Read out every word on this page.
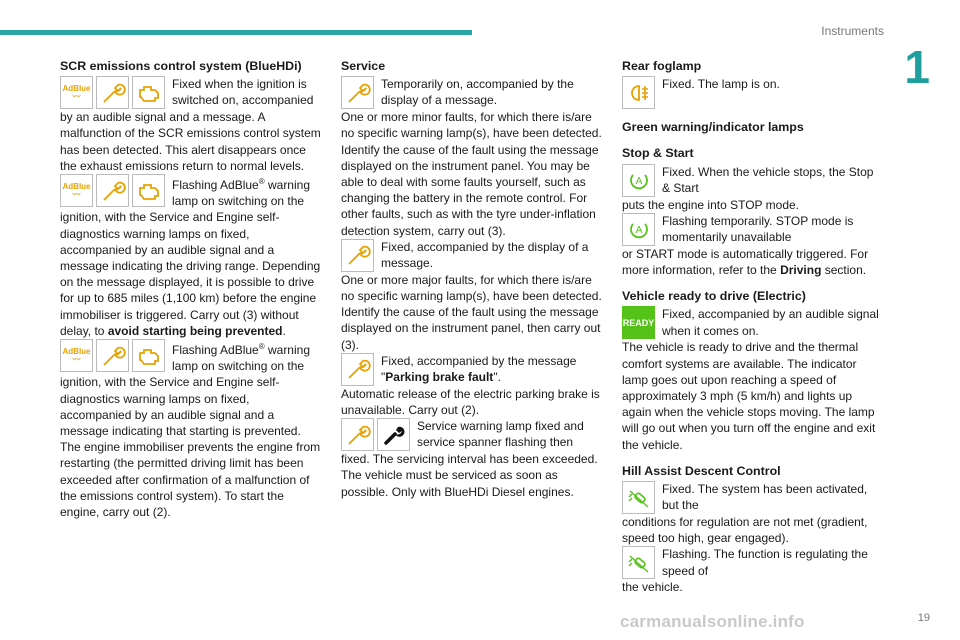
Instruments
1
SCR emissions control system (BlueHDi)
AdBlue
〰
Fixed when the ignition is switched on, accompanied

by an audible signal and a message. A malfunction of the SCR emissions control system has been detected. This alert disappears once the exhaust emissions return to normal levels.

AdBlue
〰
Flashing AdBlue® warning lamp on switching on the

ignition, with the Service and Engine self-diagnostics warning lamps on fixed, accompanied by an audible signal and a message indicating the driving range. Depending on the message displayed, it is possible to drive for up to 685 miles (1,100 km) before the engine immobiliser is triggered. Carry out (3) without delay, to avoid starting being prevented.

AdBlue
〰
Flashing AdBlue® warning lamp on switching on the

ignition, with the Service and Engine self-diagnostics warning lamps on fixed, accompanied by an audible signal and a message indicating that starting is prevented. The engine immobiliser prevents the engine from restarting (the permitted driving limit has been exceeded after confirmation of a malfunction of the emissions control system). To start the engine, carry out (2).

Service
Temporarily on, accompanied by the display of a message.

One or more minor faults, for which there is/are no specific warning lamp(s), have been detected. Identify the cause of the fault using the message displayed on the instrument panel. You may be able to deal with some faults yourself, such as changing the battery in the remote control. For other faults, such as with the tyre under-inflation detection system, carry out (3).

Fixed, accompanied by the display of a message.

One or more major faults, for which there is/are no specific warning lamp(s), have been detected. Identify the cause of the fault using the message displayed on the instrument panel, then carry out (3).

Fixed, accompanied by the message "Parking brake fault".

Automatic release of the electric parking brake is unavailable. Carry out (2).

Service warning lamp fixed and service spanner flashing then

fixed. The servicing interval has been exceeded. The vehicle must be serviced as soon as possible. Only with BlueHDi Diesel engines.

Rear foglamp
Fixed. The lamp is on.
Green warning/indicator lamps
Stop & Start
A
Fixed. When the vehicle stops, the Stop & Start

puts the engine into STOP mode.

A
Flashing temporarily. STOP mode is momentarily unavailable

or START mode is automatically triggered. For more information, refer to the Driving section.

Vehicle ready to drive (Electric)
READY
Fixed, accompanied by an audible signal when it comes on.

The vehicle is ready to drive and the thermal comfort systems are available. The indicator lamp goes out upon reaching a speed of approximately 3 mph (5 km/h) and lights up again when the vehicle stops moving. The lamp will go out when you turn off the engine and exit the vehicle.

Hill Assist Descent Control
Fixed. The system has been activated, but the

conditions for regulation are not met (gradient, speed too high, gear engaged).

Flashing. The function is regulating the speed of

the vehicle.

carmanualsonline.info	19
